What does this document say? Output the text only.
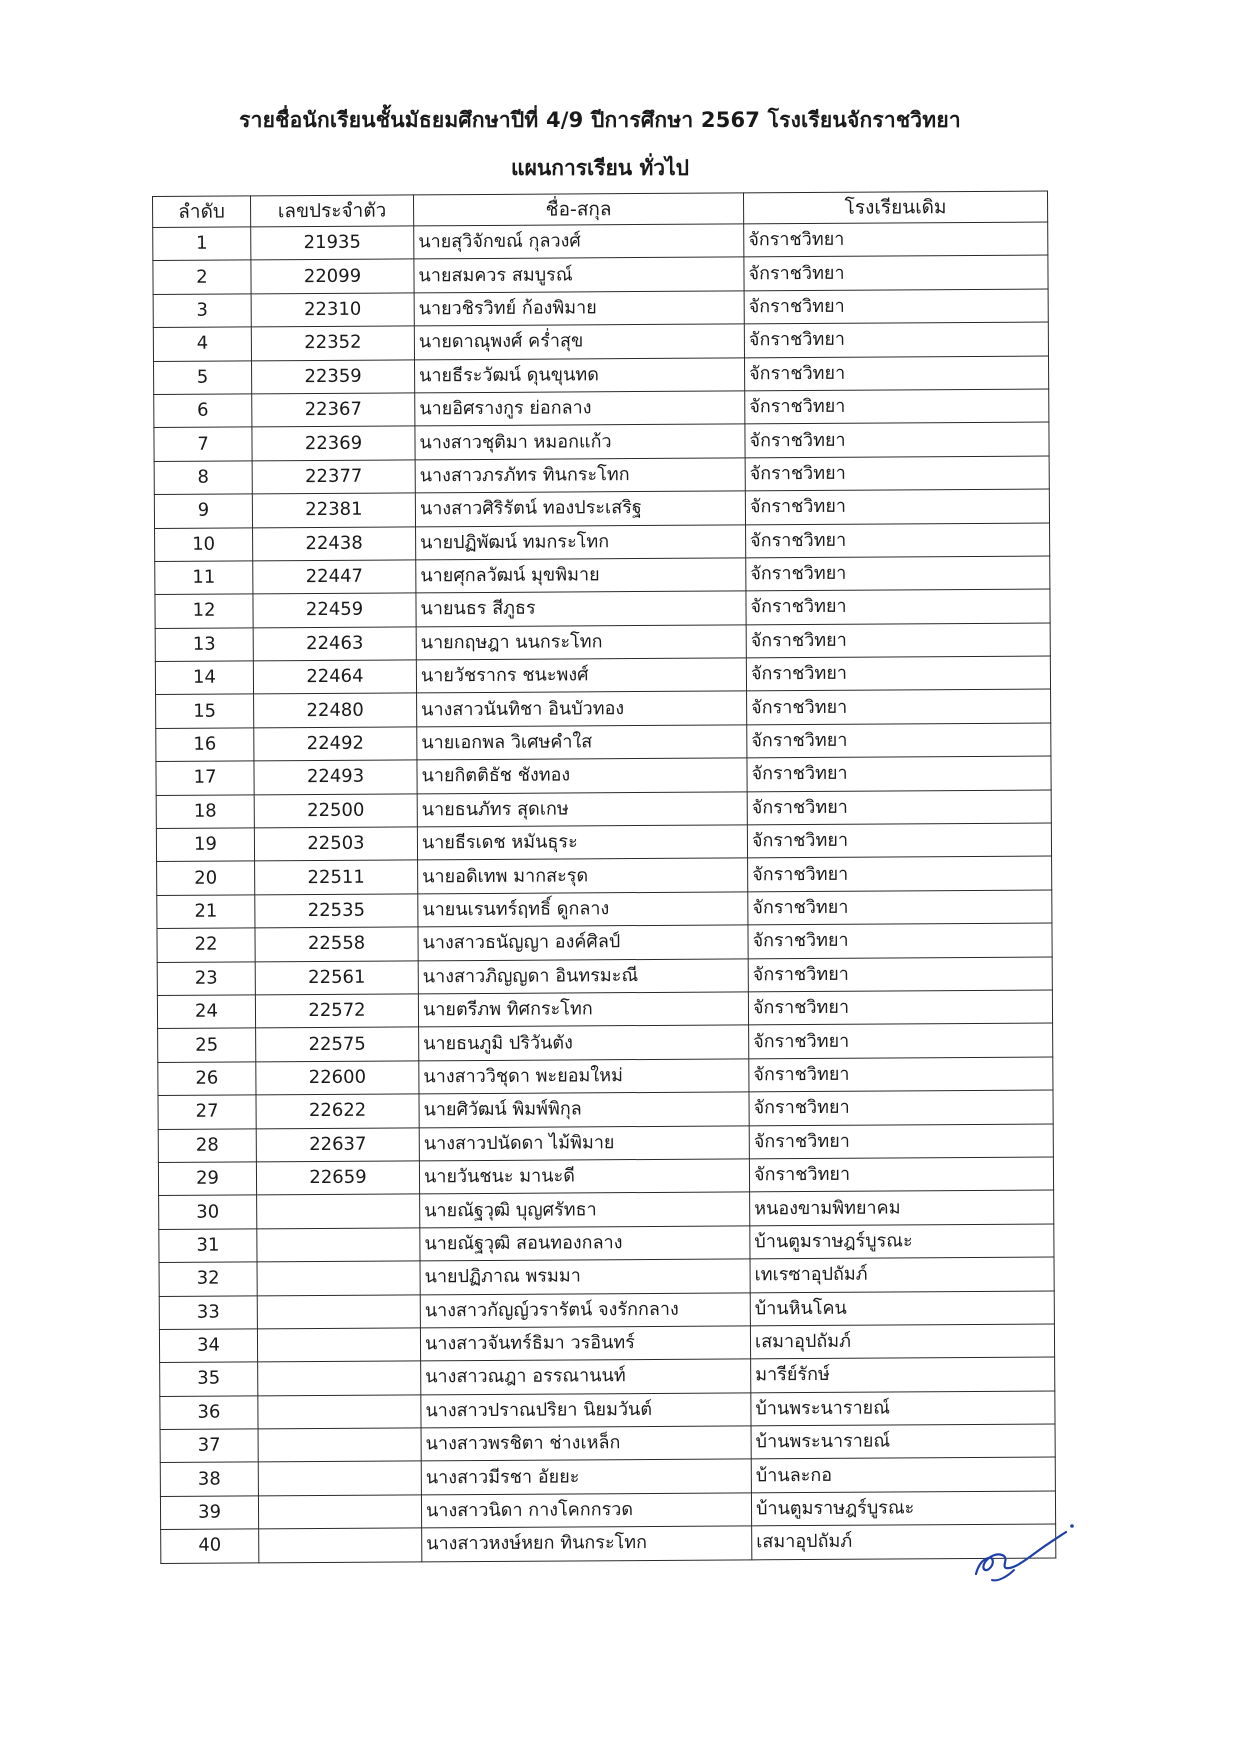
รายชื่อนักเรียนชั้นมัธยมศึกษาปีที่ 4/9 ปีการศึกษา 2567 โรงเรียนจักราชวิทยา
แผนการเรียน ทั่วไป
ลำดับ	เลขประจำตัว	ชื่อ-สกุล	โรงเรียนเดิม
1	21935	นายสุวิจักขณ์ กุลวงศ์	จักราชวิทยา
2	22099	นายสมควร สมบูรณ์	จักราชวิทยา
3	22310	นายวชิรวิทย์ ก้องพิมาย	จักราชวิทยา
4	22352	นายดาณุพงศ์ คร่ำสุข	จักราชวิทยา
5	22359	นายธีระวัฒน์ ดุนขุนทด	จักราชวิทยา
6	22367	นายอิศรางกูร ย่อกลาง	จักราชวิทยา
7	22369	นางสาวชุติมา หมอกแก้ว	จักราชวิทยา
8	22377	นางสาวภรภัทร ทินกระโทก	จักราชวิทยา
9	22381	นางสาวศิริรัตน์ ทองประเสริฐ	จักราชวิทยา
10	22438	นายปฏิพัฒน์ ทมกระโทก	จักราชวิทยา
11	22447	นายศุกลวัฒน์ มุขพิมาย	จักราชวิทยา
12	22459	นายนธร สีภูธร	จักราชวิทยา
13	22463	นายกฤษฎา นนกระโทก	จักราชวิทยา
14	22464	นายวัชรากร ชนะพงศ์	จักราชวิทยา
15	22480	นางสาวนันทิชา อินบัวทอง	จักราชวิทยา
16	22492	นายเอกพล วิเศษคำใส	จักราชวิทยา
17	22493	นายกิตติธัช ชังทอง	จักราชวิทยา
18	22500	นายธนภัทร สุดเกษ	จักราชวิทยา
19	22503	นายธีรเดช หมันธุระ	จักราชวิทยา
20	22511	นายอดิเทพ มากสะรุด	จักราชวิทยา
21	22535	นายนเรนทร์ฤทธิ์ ดูกลาง	จักราชวิทยา
22	22558	นางสาวธนัญญา องค์ศิลป์	จักราชวิทยา
23	22561	นางสาวภิญญดา อินทรมะณี	จักราชวิทยา
24	22572	นายตรีภพ ทิศกระโทก	จักราชวิทยา
25	22575	นายธนภูมิ ปริวันตัง	จักราชวิทยา
26	22600	นางสาววิชุดา พะยอมใหม่	จักราชวิทยา
27	22622	นายศิวัฒน์ พิมพ์พิกุล	จักราชวิทยา
28	22637	นางสาวปนัดดา ไม้พิมาย	จักราชวิทยา
29	22659	นายวันชนะ มานะดี	จักราชวิทยา
30		นายณัฐวุฒิ บุญศรัทธา	หนองขามพิทยาคม
31		นายณัฐวุฒิ สอนทองกลาง	บ้านตูมราษฎร์บูรณะ
32		นายปฏิภาณ พรมมา	เทเรซาอุปถัมภ์
33		นางสาวกัญญ์วรารัตน์ จงรักกลาง	บ้านหินโคน
34		นางสาวจันทร์ธิมา วรอินทร์	เสมาอุปถัมภ์
35		นางสาวณฎา อรรณานนท์	มารีย์รักษ์
36		นางสาวปราณปริยา นิยมวันต์	บ้านพระนารายณ์
37		นางสาวพรชิตา ช่างเหล็ก	บ้านพระนารายณ์
38		นางสาวมีรชา อัยยะ	บ้านละกอ
39		นางสาวนิดา กางโคกกรวด	บ้านตูมราษฎร์บูรณะ
40		นางสาวหงษ์หยก ทินกระโทก	เสมาอุปถัมภ์
